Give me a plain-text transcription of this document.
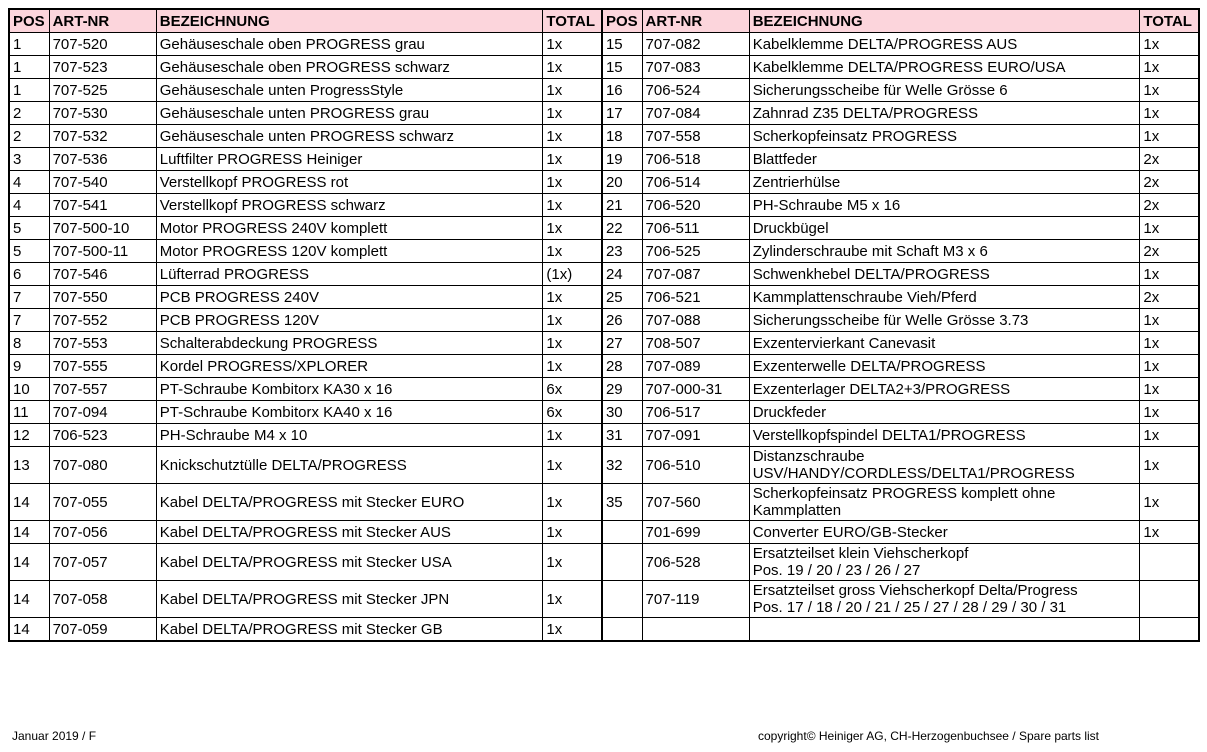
POS	ART-NR	BEZEICHNUNG	TOTAL	POS	ART-NR	BEZEICHNUNG	TOTAL
1	707-520	Gehäuseschale oben PROGRESS grau	1x	15	707-082	Kabelklemme DELTA/PROGRESS AUS	1x
1	707-523	Gehäuseschale oben PROGRESS schwarz	1x	15	707-083	Kabelklemme DELTA/PROGRESS EURO/USA	1x
1	707-525	Gehäuseschale unten ProgressStyle	1x	16	706-524	Sicherungsscheibe für Welle Grösse 6	1x
2	707-530	Gehäuseschale unten PROGRESS grau	1x	17	707-084	Zahnrad Z35 DELTA/PROGRESS	1x
2	707-532	Gehäuseschale unten PROGRESS schwarz	1x	18	707-558	Scherkopfeinsatz PROGRESS	1x
3	707-536	Luftfilter PROGRESS Heiniger	1x	19	706-518	Blattfeder	2x
4	707-540	Verstellkopf PROGRESS rot	1x	20	706-514	Zentrierhülse	2x
4	707-541	Verstellkopf PROGRESS schwarz	1x	21	706-520	PH-Schraube M5 x 16	2x
5	707-500-10	Motor PROGRESS 240V komplett	1x	22	706-511	Druckbügel	1x
5	707-500-11	Motor PROGRESS 120V komplett	1x	23	706-525	Zylinderschraube mit Schaft M3 x 6	2x
6	707-546	Lüfterrad PROGRESS	(1x)	24	707-087	Schwenkhebel DELTA/PROGRESS	1x
7	707-550	PCB PROGRESS 240V	1x	25	706-521	Kammplattenschraube Vieh/Pferd	2x
7	707-552	PCB PROGRESS 120V	1x	26	707-088	Sicherungsscheibe für Welle Grösse 3.73	1x
8	707-553	Schalterabdeckung PROGRESS	1x	27	708-507	Exzentervierkant Canevasit	1x
9	707-555	Kordel PROGRESS/XPLORER	1x	28	707-089	Exzenterwelle DELTA/PROGRESS	1x
10	707-557	PT-Schraube Kombitorx KA30 x 16	6x	29	707-000-31	Exzenterlager DELTA2+3/PROGRESS	1x
11	707-094	PT-Schraube Kombitorx KA40 x 16	6x	30	706-517	Druckfeder	1x
12	706-523	PH-Schraube M4 x 10	1x	31	707-091	Verstellkopfspindel DELTA1/PROGRESS	1x
13	707-080	Knickschutztülle DELTA/PROGRESS	1x	32	706-510	Distanzschraube
USV/HANDY/CORDLESS/DELTA1/PROGRESS	1x
14	707-055	Kabel DELTA/PROGRESS mit Stecker EURO	1x	35	707-560	Scherkopfeinsatz PROGRESS komplett ohne
Kammplatten	1x
14	707-056	Kabel DELTA/PROGRESS mit Stecker AUS	1x		701-699	Converter EURO/GB-Stecker	1x
14	707-057	Kabel DELTA/PROGRESS mit Stecker USA	1x		706-528	Ersatzteilset klein Viehscherkopf
Pos. 19 / 20 / 23 / 26 / 27	
14	707-058	Kabel DELTA/PROGRESS mit Stecker JPN	1x		707-119	Ersatzteilset gross Viehscherkopf Delta/Progress
Pos. 17 / 18 / 20 / 21 / 25 / 27 / 28 / 29 / 30 / 31	
14	707-059	Kabel DELTA/PROGRESS mit Stecker GB	1x				
Januar 2019 / F	copyright© Heiniger AG, CH-Herzogenbuchsee / Spare parts list
